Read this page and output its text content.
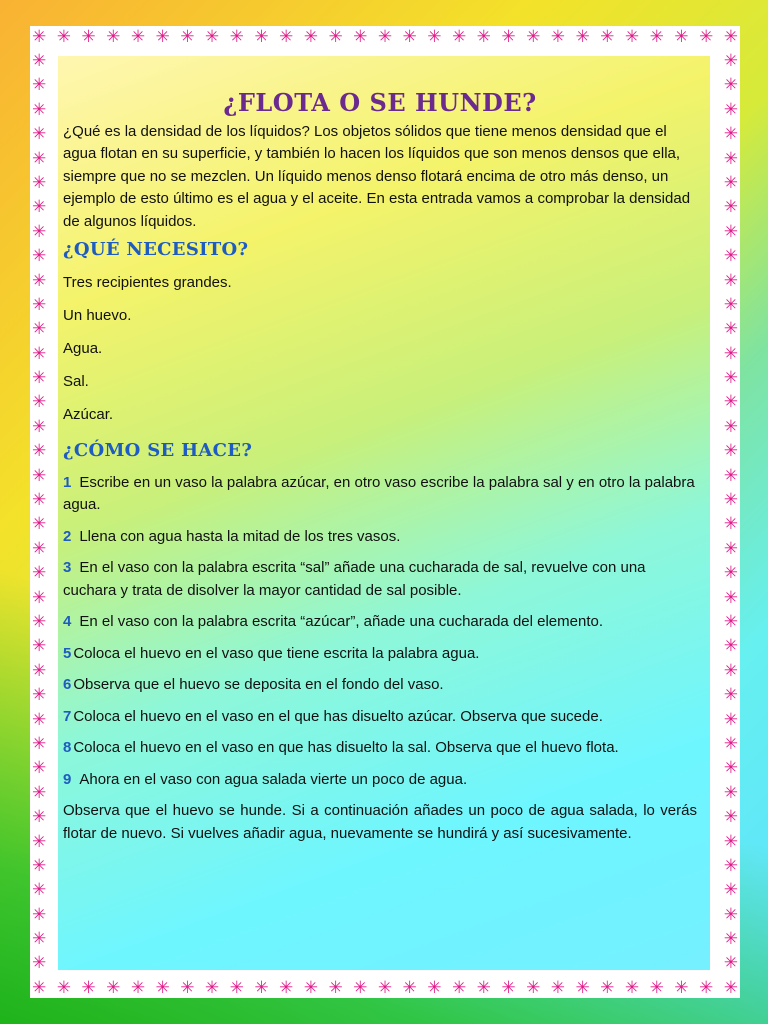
✳ ✳ ✳ ✳ ✳ ✳ ✳ ✳ ✳ ✳ ✳ ✳ ✳ ✳ ✳ ✳ ✳ ✳ ✳ ✳ ✳ ✳ ✳ ✳ ✳ ✳ ✳ ✳ ✳
✳ ✳ ✳ ✳ ✳ ✳ ✳ ✳ ✳ ✳ ✳ ✳ ✳ ✳ ✳ ✳ ✳ ✳ ✳ ✳ ✳ ✳ ✳ ✳ ✳ ✳ ✳ ✳ ✳
✳
✳
✳
✳
✳
✳
✳
✳
✳
✳
✳
✳
✳
✳
✳
✳
✳
✳
✳
✳
✳
✳
✳
✳
✳
✳
✳
✳
✳
✳
✳
✳
✳
✳
✳
✳
✳
✳
✳
✳
✳
✳
✳
✳
✳
✳
✳
✳
✳
✳
✳
✳
✳
✳
✳
✳
✳
✳
✳
✳
✳
✳
✳
✳
✳
✳
✳
✳
✳
✳
✳
✳
✳
✳
✳
✳
¿FLOTA O SE HUNDE?

¿Qué es la densidad de los líquidos? Los objetos sólidos que tiene menos densidad que el agua flotan en su superficie, y también lo hacen los líquidos que son menos densos que ella, siempre que no se mezclen. Un líquido menos denso flotará encima de otro más denso, un ejemplo de esto último es el agua y el aceite. En esta entrada vamos a comprobar la densidad de algunos líquidos.

¿QUÉ NECESITO?

Tres recipientes grandes.

Un huevo.

Agua.

Sal.

Azúcar.

¿CÓMO SE HACE?

1 Escribe en un vaso la palabra azúcar, en otro vaso escribe la palabra sal y en otro la palabra agua.

2 Llena con agua hasta la mitad de los tres vasos.

3 En el vaso con la palabra escrita “sal” añade una cucharada de sal, revuelve con una cuchara y trata de disolver la mayor cantidad de sal posible.

4 En el vaso con la palabra escrita “azúcar”, añade una cucharada del elemento.

5 Coloca el huevo en el vaso que tiene escrita la palabra agua.

6 Observa que el huevo se deposita en el fondo del vaso.

7 Coloca el huevo en el vaso en el que has disuelto azúcar. Observa que sucede.

8 Coloca el huevo en el vaso en que has disuelto la sal. Observa que el huevo flota.

9 Ahora en el vaso con agua salada vierte un poco de agua.

Observa que el huevo se hunde. Si a continuación añades un poco de agua salada, lo verás flotar de nuevo. Si vuelves añadir agua, nuevamente se hundirá y así sucesivamente.
